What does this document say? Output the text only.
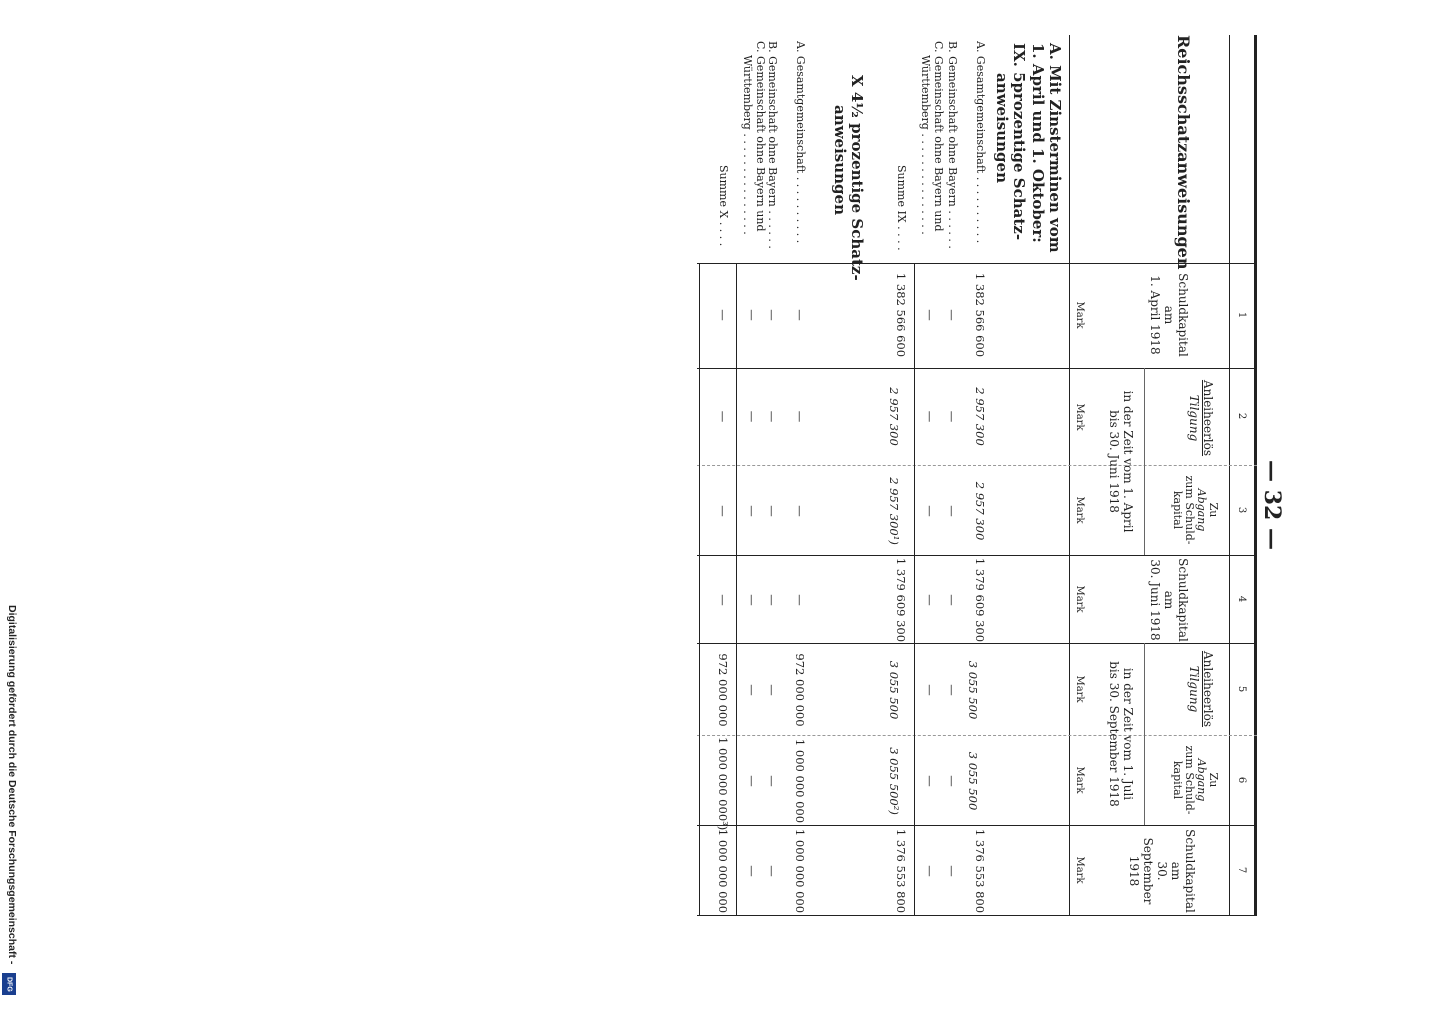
Digitalisierung gefördert durch die Deutsche Forschungsgemeinschaft -
DFG
— 32 —
1
2
3
4
5
6
7
Reichsschatzanweisungen
Schuldkapital
am
1. April 1918
Anleiheerlös
Tilgung
Zu
Abgang
zum Schuld-
kapital
in der Zeit vom 1. April
bis 30. Juni 1918
Schuldkapital
am
30. Juni 1918
Anleiheerlös
Tilgung
Zu
Abgang
zum Schuld-
kapital
in der Zeit vom 1. Juli
bis 30. September 1918
Schuldkapital
am
30. September
1918
Mark
Mark
Mark
Mark
Mark
Mark
Mark
A. Mit Zinsterminen vom
1. April und 1. Oktober:
IX. 5prozentige Schatz-
anweisungen
A. Gesamtgemeinschaft . . . . . . . . . .
B. Gemeinschaft ohne Bayern . . . . . .
C. Gemeinschaft ohne Bayern und
Württemberg . . . . . . . . . . . . . . .
Summe IX . . . .
1 382 566 600
2 957 300
2 957 300
1 379 609 300
3 055 500
3 055 500
1 376 553 800
—
—
—
—
—
—
—
—
—
—
—
—
—
—
1 382 566 600
2 957 300
2 957 300¹)
1 379 609 300
3 055 500
3 055 500²)
1 376 553 800
X 4½ prozentige Schatz-
anweisungen
A. Gesamtgemeinschaft . . . . . . . . . .
B. Gemeinschaft ohne Bayern . . . . . .
C. Gemeinschaft ohne Bayern und
Württemberg . . . . . . . . . . . . . . .
Summe X . . . .
—
—
—
—
972 000 000
1 000 000 000
1 000 000 000
—
—
—
—
—
—
—
—
—
—
—
—
—
—
—
—
—
—
972 000 000
1 000 000 000³)
1 000 000 000
